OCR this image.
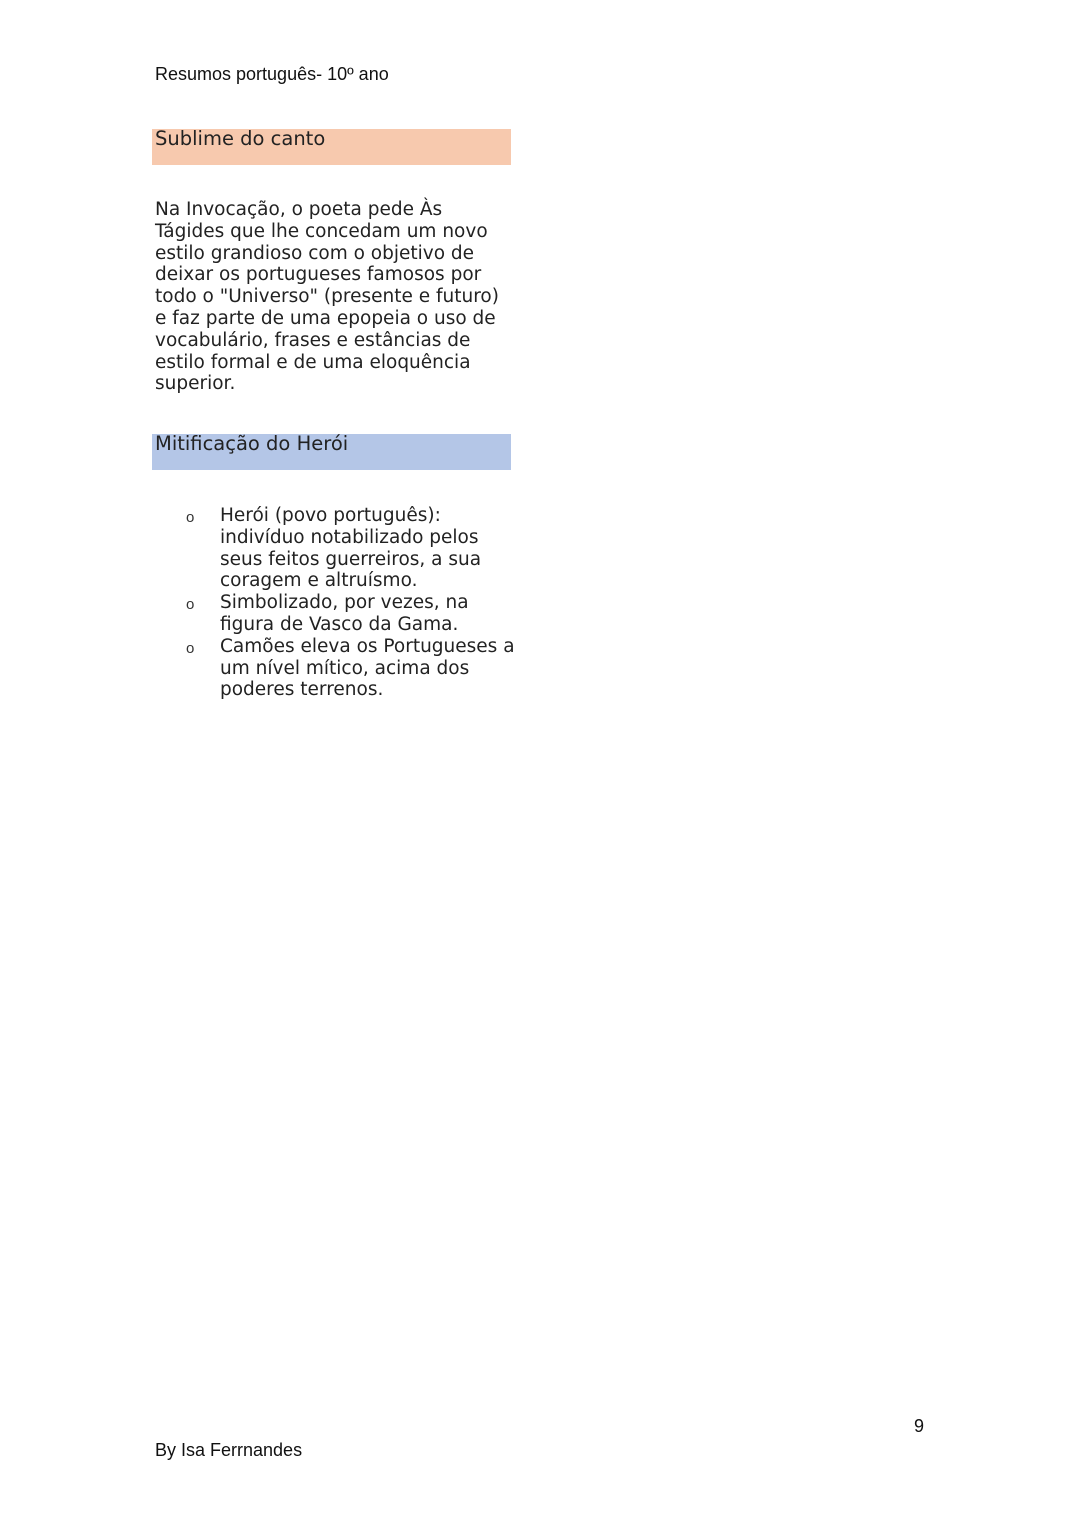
Resumos português- 10º ano
Sublime do canto

Na Invocação, o poeta pede Às Tágides que lhe concedam um novo estilo grandioso com o objetivo de deixar os portugueses famosos por todo o "Universo" (presente e futuro) e faz parte de uma epopeia o uso de vocabulário, frases e estâncias de estilo formal e de uma eloquência superior.

Mitificação do Herói
o Herói (povo português): indivíduo notabilizado pelos seus feitos guerreiros, a sua coragem e altruísmo.
o Simbolizado, por vezes, na figura de Vasco da Gama.
o Camões eleva os Portugueses a um nível mítico, acima dos poderes terrenos.
9
By Isa Ferrnandes
